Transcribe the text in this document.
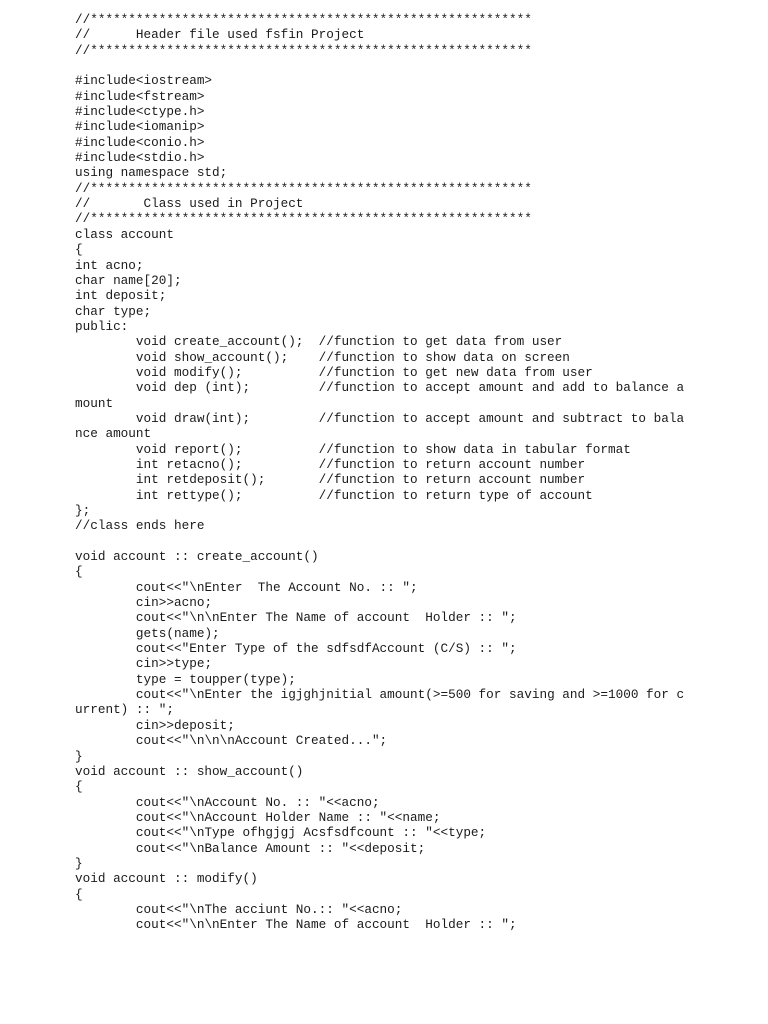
//**********************************************************
//	Header file used fsfin Project
//**********************************************************
#include<iostream>
#include<fstream>
#include<ctype.h>
#include<iomanip>
#include<conio.h>
#include<stdio.h>
using namespace std;
//**********************************************************
//	Class used in Project
//**********************************************************
class account
{
int acno;
char name[20];
int deposit;
char type;
public:
	void create_account();	//function to get data from user
	void show_account();	//function to show data on screen
	void modify();		//function to get new data from user
	void dep (int);		//function to accept amount and add to balance a
mount
	void draw(int);		//function to accept amount and subtract to bala
nce amount
	void report();		//function to show data in tabular format
	int retacno();		//function to return account number
	int retdeposit();	//function to return account number
	int rettype();		//function to return type of account
};
//class ends here
void account :: create_account()
{
	cout<<"\nEnter  The Account No. :: ";
	cin>>acno;
	cout<<"\n\nEnter The Name of account  Holder :: ";
	gets(name);
	cout<<"Enter Type of the sdfsdfAccount (C/S) :: ";
	cin>>type;
	type = toupper(type);
	cout<<"\nEnter the igjghjnitial amount(>=500 for saving and >=1000 for c
urrent) :: ";
	cin>>deposit;
	cout<<"\n\n\nAccount Created...";
}
void account :: show_account()
{
	cout<<"\nAccount No. :: "<<acno;
	cout<<"\nAccount Holder Name :: "<<name;
	cout<<"\nType ofhgjgj Acsfsdfcount :: "<<type;
	cout<<"\nBalance Amount :: "<<deposit;
}
void account :: modify()
{
	cout<<"\nThe acciunt No.:: "<<acno;
	cout<<"\n\nEnter The Name of account  Holder :: ";
